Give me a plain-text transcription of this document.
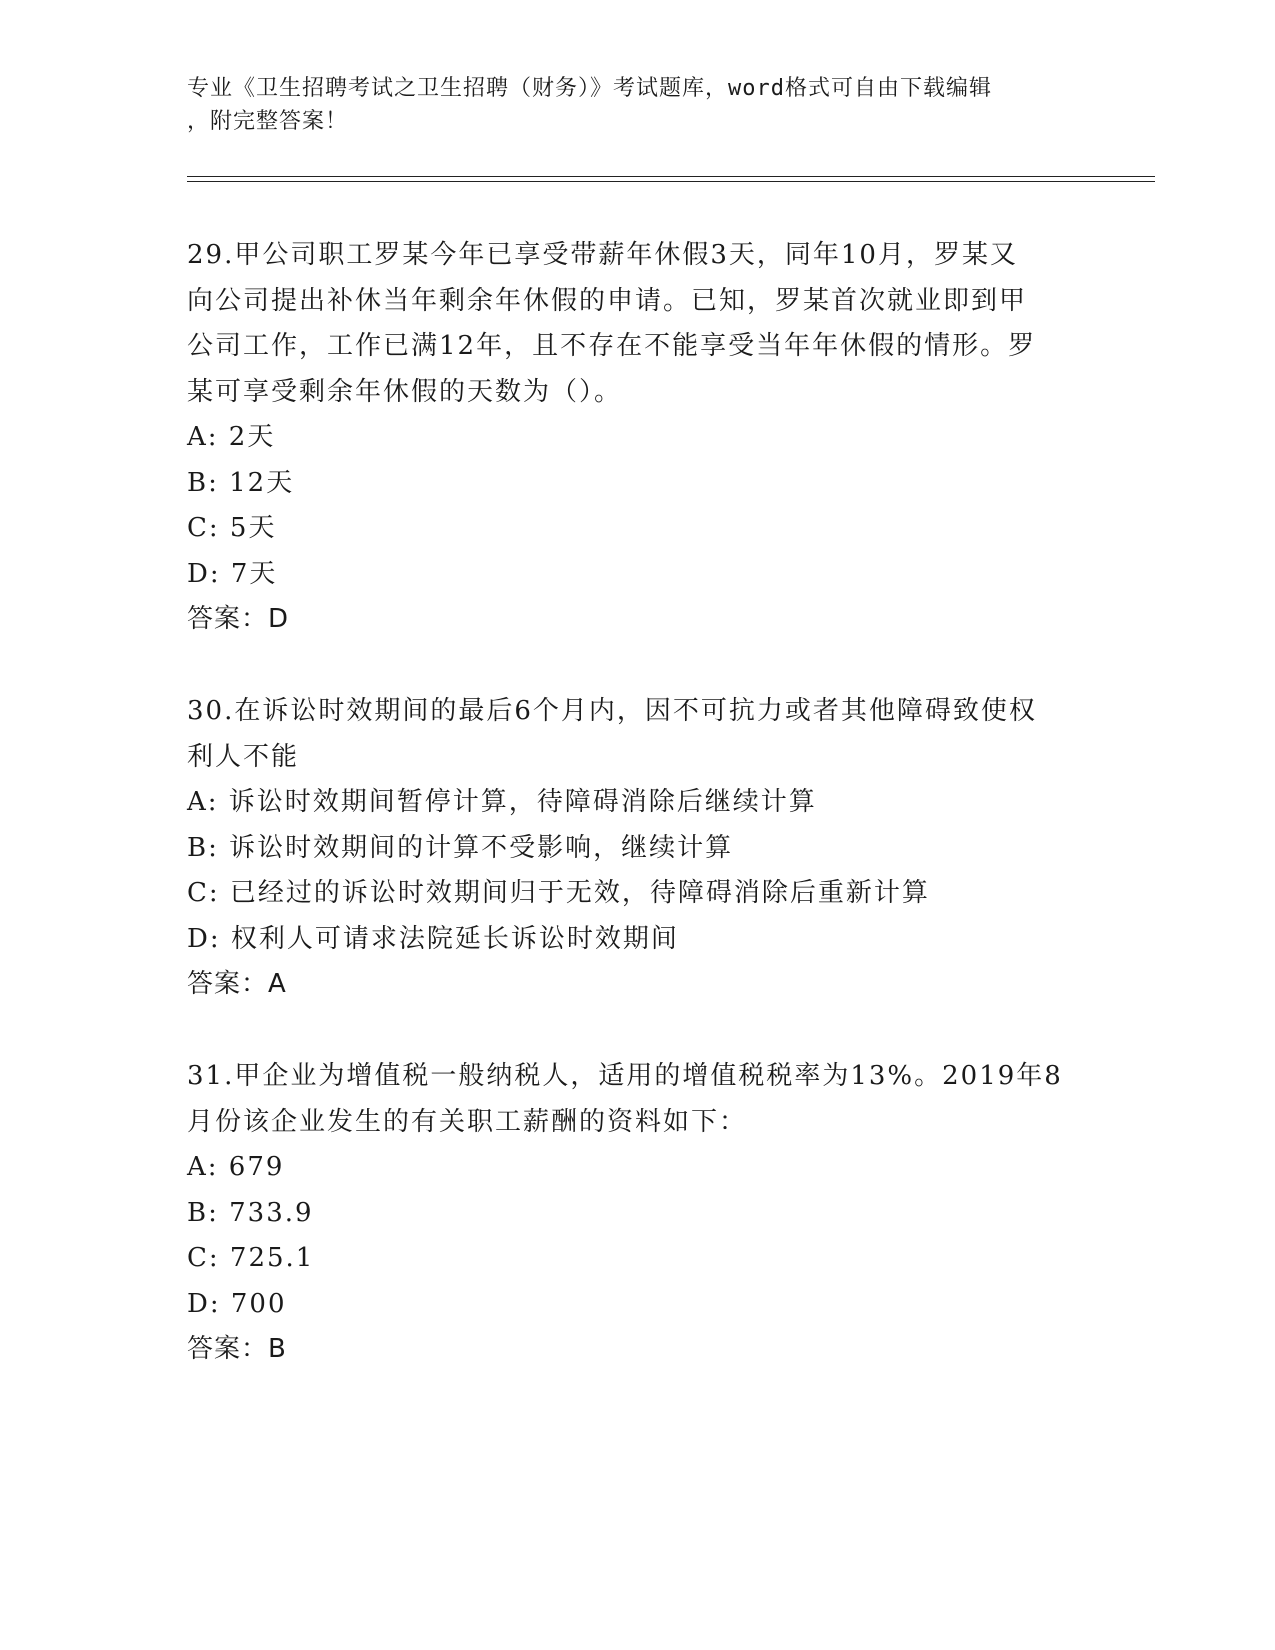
专业《卫生招聘考试之卫生招聘（财务）》考试题库，word格式可自由下载编辑
，附完整答案！

29.甲公司职工罗某今年已享受带薪年休假3天，同年10月，罗某又

向公司提出补休当年剩余年休假的申请。已知，罗某首次就业即到甲

公司工作，工作已满12年，且不存在不能享受当年年休假的情形。罗

某可享受剩余年休假的天数为（）。

A: 2天

B: 12天

C: 5天

D: 7天

答案：D

30.在诉讼时效期间的最后6个月内，因不可抗力或者其他障碍致使权

利人不能

A: 诉讼时效期间暂停计算，待障碍消除后继续计算

B: 诉讼时效期间的计算不受影响，继续计算

C: 已经过的诉讼时效期间归于无效，待障碍消除后重新计算

D: 权利人可请求法院延长诉讼时效期间

答案：A

31.甲企业为增值税一般纳税人，适用的增值税税率为13%。2019年8

月份该企业发生的有关职工薪酬的资料如下：

A: 679

B: 733.9

C: 725.1

D: 700

答案：B
